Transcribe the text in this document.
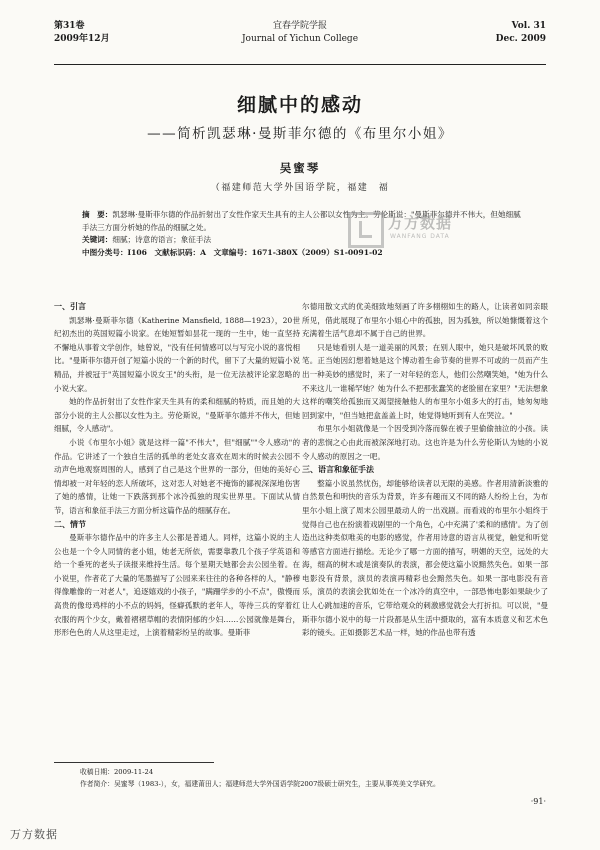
第31卷
2009年12月
宜春学院学报
Journal of Yichun College
Vol. 31
Dec. 2009
细腻中的感动
——简析凯瑟琳·曼斯菲尔德的《布里尔小姐》
吴蜜琴
（福建师范大学外国语学院，福建　福
摘　要：凯瑟琳·曼斯菲尔德的作品折射出了女性作家天生具有的主人公都以女性为主。劳伦斯说："曼斯菲尔德并不伟大，但她细腻手法三方面分析她的作品的细腻之处。
关键词：细腻；诗意的语言；象征手法
中图分类号：I106　文献标识码：A　文章编号：1671-380X（2009）S1-0091-02
万方数据
WANFANG DATA
一、引言

凯瑟琳·曼斯菲尔德（Katherine Mansfield, 1888—1923），20世纪初杰出的英国短篇小说家。在她短暂如昙花一现的一生中，她一直坚持不懈地从事着文学创作，她曾说，"没有任何情感可以与写完小说的喜悦相比。"曼斯菲尔德开创了短篇小说的一个新的时代，留下了大量的短篇小说精品，并被冠于"英国短篇小说女王"的头衔，是一位无法被评论家忽略的小说大家。

她的作品折射出了女性作家天生具有的柔和细腻的特质，而且她的大部分小说的主人公都以女性为主。劳伦斯说，"曼斯菲尔德并不伟大，但她细腻，令人感动"。

小说《布里尔小姐》就是这样一篇"不伟大"，但"细腻""令人感动"的作品。它讲述了一个独自生活的孤单的老处女喜欢在周末的时候去公园不动声色地观察周围的人，感到了自己是这个世界的一部分，但她的美好心情却被一对年轻的恋人所破坏，这对恋人对她老不掩饰的鄙视深深地伤害了她的感情，让她一下跌落到那个冰冷孤独的现实世界里。下面试从情节，语言和象征手法三方面分析这篇作品的细腻存在。

二、情节

曼斯菲尔德作品中的许多主人公都是普通人。同样，这篇小说的主人公也是一个令人同情的老小姐，她老无所依，需要靠教几个孩子学英语和给一个垂死的老头子读报来维持生活。每个星期天她都会去公园坐着。在小说里，作者花了大量的笔墨描写了公园来来往往的各种各样的人，"静穆得像雕像的一对老人"，追逐嬉戏的小孩子，"蹒跚学步的小不点"，傲慢而高贵的像母鸡样的小不点的妈妈，怪癖孤默的老年人，等待三兵的穿着红衣服的两个少女，戴着褶褶草帽的表情阴郁的少妇……公园就像是舞台，形形色色的人从这里走过，上演着精彩纷呈的故事。曼斯菲

尔德用散文式的优美细致地刻画了许多栩栩如生的路人，让读者如同亲眼所见，借此展现了布里尔小姐心中的孤独，因为孤独，所以她慷慨着这个充满着生活气息却不属于自己的世界。

只是她看别人是一道美丽的风景；在别人眼中，她只是破坏风景的败笔。正当她因幻想着她是这个博动着生命节奏的世界不可或的一员而产生出一种美妙的感觉时，来了一对年轻的恋人，他们公然嘲笑她，"她为什么不来这儿一谁稀罕她？她为什么不把那张蠢笑的老脸留在家里？"无法想象这样的嘲笑给孤独而又渴望接触他人的布里尔小姐多大的打击，她匆匆地回到家中，"但当她把盒盖盖上时，她觉得她听到有人在哭泣。"

布里尔小姐就像是一个因受到冷落而躲在被子里偷偷抽泣的小孩。读者的悲悯之心由此而被深深地打动。这也许是为什么劳伦斯认为她的小说令人感动的原因之一吧。

三、语言和象征手法

整篇小说虽然忧伤，却能够给读者以无限的美感。作者用清新淡雅的自然景色和明快的音乐为背景，许多有趣而又不同的路人纷纷上台，为布里尔小姐上演了周末公园里最动人的一出戏剧。而看戏的布里尔小姐终于觉得自己也在扮演着戏剧里的一个角色，心中充满了'柔和的感情'。为了创造出这种类似唯美的电影的感觉，作者用诗意的语言从视觉，触觉和听觉等感官方面进行描绘。无论少了哪一方面的描写，明媚的天空，远处的大海，细高的树木或是演奏队的表演，都会使这篇小说黯然失色。如果一部电影没有背景，演员的表演再精彩也会黯然失色。如果一部电影没有音乐，演员的表演会犹如处在一个冰冷的真空中，一部恐怖电影如果缺少了让人心跳加速的音乐，它带给观众的刺激感觉就会大打折扣。可以说，"曼斯菲尔德小说中的每一片段都是从生活中摄取的，富有本质意义和艺术色彩的镜头。正如摄影艺术品一样，她的作品也带有透

收稿日期：2009-11-24
作者简介：吴蜜琴（1983-），女，福建莆田人；福建师范大学外国语学院2007级硕士研究生，主要从事英美文学研究。
·91·
万方数据
